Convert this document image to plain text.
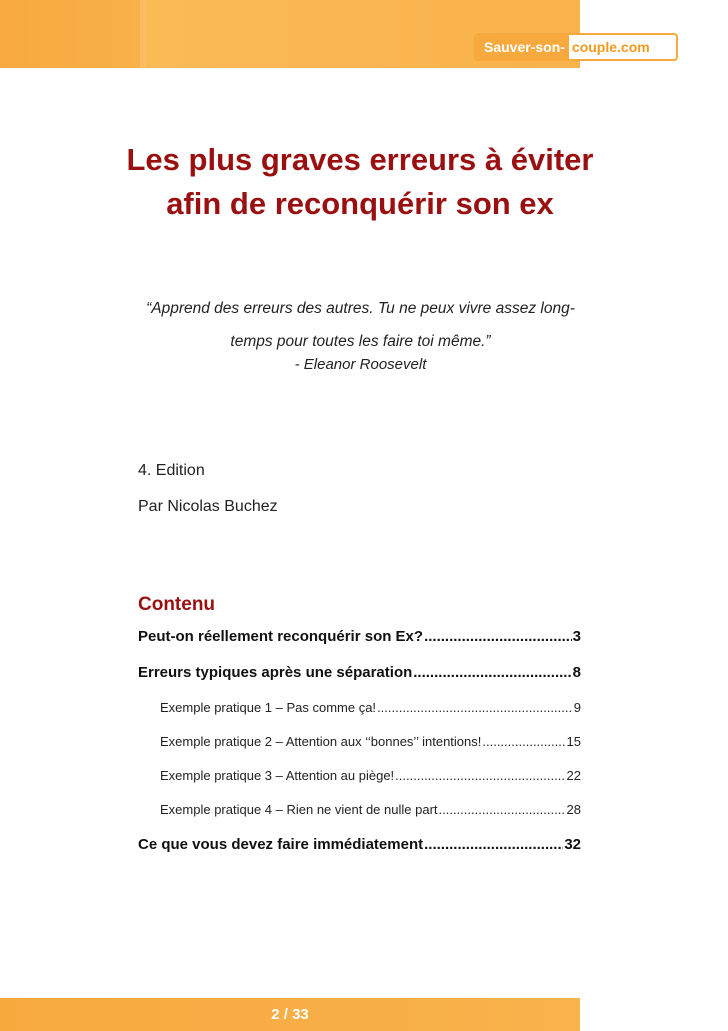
Sauver-son- couple.com
Les plus graves erreurs à éviter
afin de reconquérir son ex

“Apprend des erreurs des autres. Tu ne peux vivre assez long-
temps pour toutes les faire toi même.”

- Eleanor Roosevelt
4. Edition
Par Nicolas Buchez
Contenu
Peut-on réellement reconquérir son Ex? .....	3
Erreurs typiques après une séparation .....	8
Exemple pratique 1 – Pas comme ça! .....	9
Exemple pratique 2 – Attention aux ‘‘bonnes’’ intentions! .....	15
Exemple pratique 3 – Attention au piège! .....	22
Exemple pratique 4 – Rien ne vient de nulle part .....	28
Ce que vous devez faire immédiatement .....	32
2 / 33
